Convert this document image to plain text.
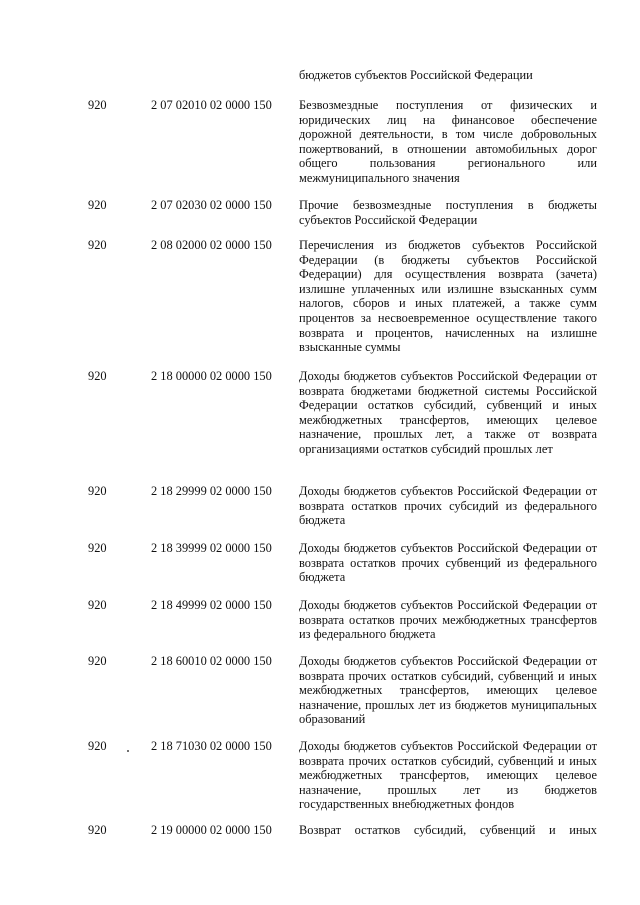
бюджетов субъектов Российской Федерации
920	2 07 02010 02 0000 150	Безвозмездные поступления от физических и юридических лиц на финансовое обеспечение дорожной деятельности, в том числе добровольных пожертвований, в отношении автомобильных дорог общего пользования регионального или межмуниципального значения
920	2 07 02030 02 0000 150	Прочие безвозмездные поступления в бюджеты субъектов Российской Федерации
920	2 08 02000 02 0000 150	Перечисления из бюджетов субъектов Российской Федерации (в бюджеты субъектов Российской Федерации) для осуществления возврата (зачета) излишне уплаченных или излишне взысканных сумм налогов, сборов и иных платежей, а также сумм процентов за несвоевременное осуществление такого возврата и процентов, начисленных на излишне взысканные суммы
920	2 18 00000 02 0000 150	Доходы бюджетов субъектов Российской Федерации от возврата бюджетами бюджетной системы Российской Федерации остатков субсидий, субвенций и иных межбюджетных трансфертов, имеющих целевое назначение, прошлых лет, а также от возврата организациями остатков субсидий прошлых лет
920	2 18 29999 02 0000 150	Доходы бюджетов субъектов Российской Федерации от возврата остатков прочих субсидий из федерального бюджета
920	2 18 39999 02 0000 150	Доходы бюджетов субъектов Российской Федерации от возврата остатков прочих субвенций из федерального бюджета
920	2 18 49999 02 0000 150	Доходы бюджетов субъектов Российской Федерации от возврата остатков прочих межбюджетных трансфертов из федерального бюджета
920	2 18 60010 02 0000 150	Доходы бюджетов субъектов Российской Федерации от возврата прочих остатков субсидий, субвенций и иных межбюджетных трансфертов, имеющих целевое назначение, прошлых лет из бюджетов муниципальных образований
920	2 18 71030 02 0000 150	Доходы бюджетов субъектов Российской Федерации от возврата прочих остатков субсидий, субвенций и иных межбюджетных трансфертов, имеющих целевое назначение, прошлых лет из бюджетов государственных внебюджетных фондов
920	2 19 00000 02 0000 150	Возврат остатков субсидий, субвенций и иных
